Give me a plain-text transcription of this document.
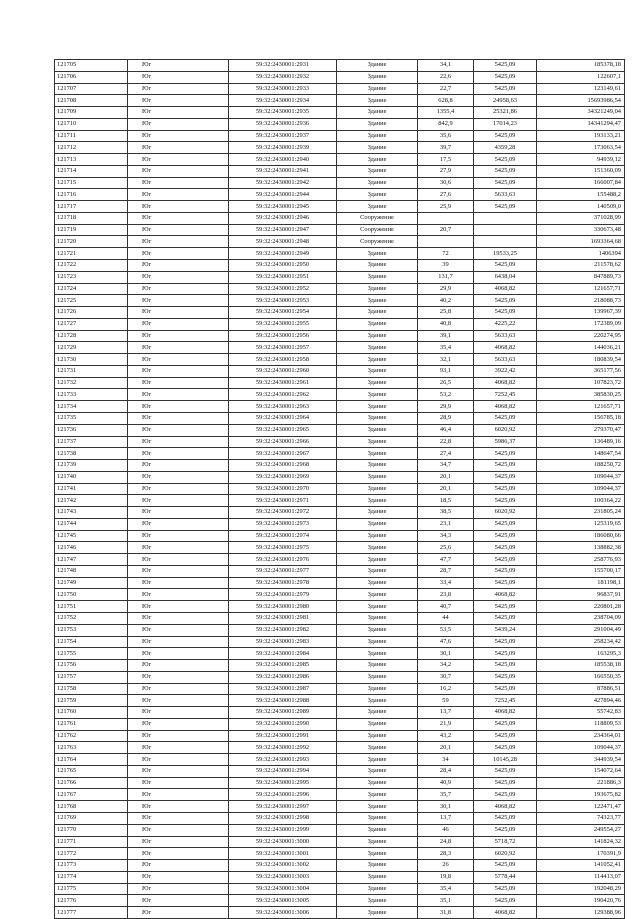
121705	Юг	59:32:2430001:2931	Здание	34,1	5425,09	185378,18
121706	Юг	59:32:2430001:2932	Здание	22,6	5425,09	122607,1
121707	Юг	59:32:2430001:2933	Здание	22,7	5425,09	123149,61
121708	Юг	59:32:2430001:2934	Здание	628,8	24958,63	15693986,54
121709	Юг	59:32:2430001:2935	Здание	1355,4	25321,86	34321249,04
121710	Юг	59:32:2430001:2936	Здание	842,9	17014,23	14341294,47
121711	Юг	59:32:2430001:2937	Здание	35,6	5425,09	193133,21
121712	Юг	59:32:2430001:2939	Здание	39,7	4359,28	173063,54
121713	Юг	59:32:2430001:2940	Здание	17,5	5425,09	94939,12
121714	Юг	59:32:2430001:2941	Здание	27,9	5425,09	151360,09
121715	Юг	59:32:2430001:2942	Здание	30,6	5425,09	166007,84
121716	Юг	59:32:2430001:2944	Здание	27,6	5633,63	155488,2
121717	Юг	59:32:2430001:2945	Здание	25,9	5425,09	140509,0
121718	Юг	59:32:2430001:2946	Сооружение			371028,99
121719	Юг	59:32:2430001:2947	Сооружение	20,7		330673,48
121720	Юг	59:32:2430001:2948	Сооружение			1693364,68
121721	Юг	59:32:2430001:2949	Здание	72	19533,25	1406394
121722	Юг	59:32:2430001:2950	Здание	39	5425,09	211578,62
121723	Юг	59:32:2430001:2951	Здание	131,7	6438,04	847889,73
121724	Юг	59:32:2430001:2952	Здание	29,9	4068,82	121657,71
121725	Юг	59:32:2430001:2953	Здание	40,2	5425,09	218088,73
121726	Юг	59:32:2430001:2954	Здание	25,8	5425,09	139967,39
121727	Юг	59:32:2430001:2955	Здание	40,8	4225,22	172389,09
121728	Юг	59:32:2430001:2956	Здание	39,1	5633,63	220274,95
121729	Юг	59:32:2430001:2957	Здание	35,4	4068,82	144036,21
121730	Юг	59:32:2430001:2958	Здание	32,1	5633,63	180839,54
121731	Юг	59:32:2430001:2960	Здание	93,1	3922,42	365177,56
121732	Юг	59:32:2430001:2961	Здание	26,5	4068,82	107823,72
121733	Юг	59:32:2430001:2962	Здание	53,2	7252,45	385830,25
121734	Юг	59:32:2430001:2963	Здание	29,9	4068,82	121657,71
121735	Юг	59:32:2430001:2964	Здание	28,9	5425,09	156785,18
121736	Юг	59:32:2430001:2965	Здание	46,4	6020,92	279370,47
121737	Юг	59:32:2430001:2966	Здание	22,8	5986,37	136489,16
121738	Юг	59:32:2430001:2967	Здание	27,4	5425,09	148647,54
121739	Юг	59:32:2430001:2968	Здание	34,7	5425,09	188250,72
121740	Юг	59:32:2430001:2969	Здание	20,1	5425,09	109044,37
121741	Юг	59:32:2430001:2970	Здание	20,1	5425,09	109044,37
121742	Юг	59:32:2430001:2971	Здание	18,5	5425,09	100364,22
121743	Юг	59:32:2430001:2972	Здание	38,5	6020,92	231805,24
121744	Юг	59:32:2430001:2973	Здание	23,1	5425,09	125319,65
121745	Юг	59:32:2430001:2974	Здание	34,3	5425,09	186080,66
121746	Юг	59:32:2430001:2975	Здание	25,6	5425,09	138882,38
121747	Юг	59:32:2430001:2976	Здание	47,7	5425,09	258776,93
121748	Юг	59:32:2430001:2977	Здание	28,7	5425,09	155700,17
121749	Юг	59:32:2430001:2978	Здание	33,4	5425,09	181198,1
121750	Юг	59:32:2430001:2979	Здание	23,8	4068,82	96837,91
121751	Юг	59:32:2430001:2980	Здание	40,7	5425,09	220801,28
121752	Юг	59:32:2430001:2981	Здание	44	5425,09	238704,09
121753	Юг	59:32:2430001:2982	Здание	53,5	5439,24	291004,49
121754	Юг	59:32:2430001:2983	Здание	47,6	5425,09	258234,42
121755	Юг	59:32:2430001:2984	Здание	30,1	5425,09	163295,3
121756	Юг	59:32:2430001:2985	Здание	34,2	5425,09	185538,18
121757	Юг	59:32:2430001:2986	Здание	30,7	5425,09	166550,35
121758	Юг	59:32:2430001:2987	Здание	16,2	5425,09	87886,51
121759	Юг	59:32:2430001:2988	Здание	59	7252,45	427894,46
121760	Юг	59:32:2430001:2989	Здание	13,7	4068,82	55742,83
121761	Юг	59:32:2430001:2990	Здание	21,9	5425,09	118809,53
121762	Юг	59:32:2430001:2991	Здание	43,2	5425,09	234364,01
121763	Юг	59:32:2430001:2992	Здание	20,1	5425,09	109044,37
121764	Юг	59:32:2430001:2993	Здание	34	10145,28	344939,54
121765	Юг	59:32:2430001:2994	Здание	28,4	5425,09	154072,64
121766	Юг	59:32:2430001:2995	Здание	40,9	5425,09	221886,3
121767	Юг	59:32:2430001:2996	Здание	35,7	5425,09	193675,82
121768	Юг	59:32:2430001:2997	Здание	30,1	4068,82	122471,47
121769	Юг	59:32:2430001:2998	Здание	13,7	5425,09	74323,77
121770	Юг	59:32:2430001:2999	Здание	46	5425,09	249554,27
121771	Юг	59:32:2430001:3000	Здание	24,8	5718,72	141824,32
121772	Юг	59:32:2430001:3001	Здание	28,3	6020,92	170391,9
121773	Юг	59:32:2430001:3002	Здание	26	5425,09	141052,41
121774	Юг	59:32:2430001:3003	Здание	19,8	5778,44	114413,07
121775	Юг	59:32:2430001:3004	Здание	35,4	5425,09	192048,29
121776	Юг	59:32:2430001:3005	Здание	35,1	5425,09	190420,76
121777	Юг	59:32:2430001:3006	Здание	31,8	4068,82	129388,96
